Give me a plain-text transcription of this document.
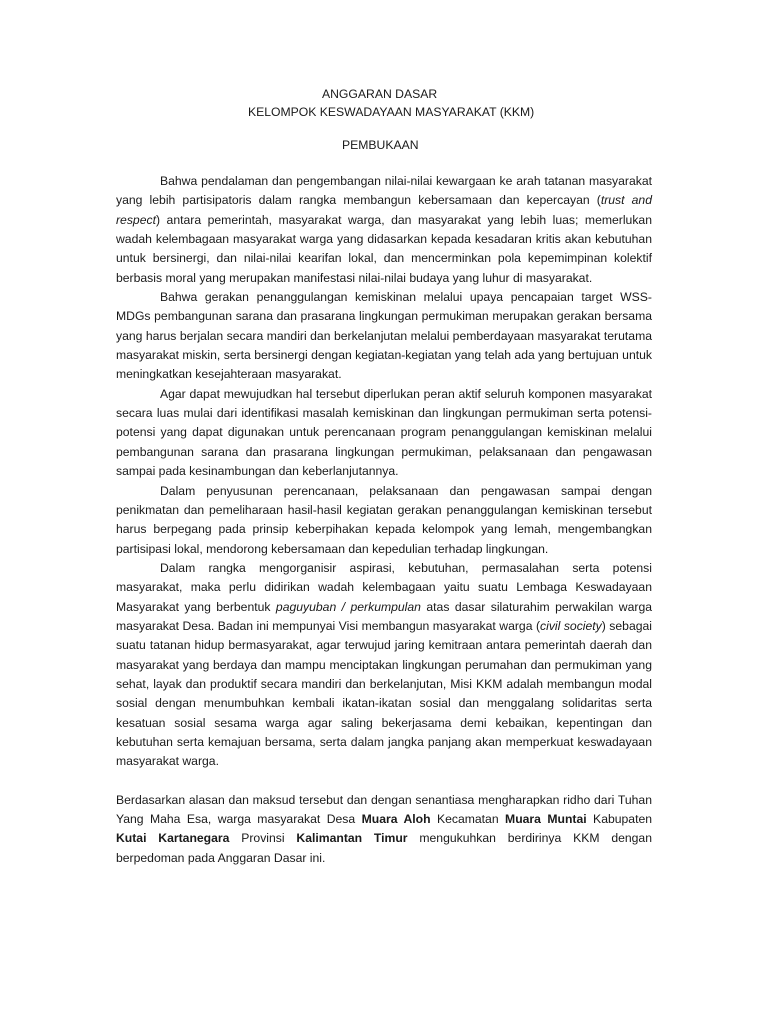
ANGGARAN DASAR
KELOMPOK KESWADAYAAN MASYARAKAT (KKM)
PEMBUKAAN

Bahwa pendalaman dan pengembangan nilai-nilai kewargaan ke arah tatanan masyarakat yang lebih partisipatoris dalam rangka membangun kebersamaan dan kepercayan (trust and respect) antara pemerintah, masyarakat warga, dan masyarakat yang lebih luas; memerlukan wadah kelembagaan masyarakat warga yang didasarkan kepada kesadaran kritis akan kebutuhan untuk bersinergi, dan nilai-nilai kearifan lokal, dan mencerminkan pola kepemimpinan kolektif berbasis moral yang merupakan manifestasi nilai-nilai budaya yang luhur di masyarakat.

Bahwa gerakan penanggulangan kemiskinan melalui upaya pencapaian target WSS-MDGs pembangunan sarana dan prasarana lingkungan permukiman merupakan gerakan bersama yang harus berjalan secara mandiri dan berkelanjutan melalui pemberdayaan masyarakat terutama masyarakat miskin, serta bersinergi dengan kegiatan-kegiatan yang telah ada yang bertujuan untuk meningkatkan kesejahteraan masyarakat.

Agar dapat mewujudkan hal tersebut diperlukan peran aktif seluruh komponen masyarakat secara luas mulai dari identifikasi masalah kemiskinan dan lingkungan permukiman serta potensi-potensi yang dapat digunakan untuk perencanaan program penanggulangan kemiskinan melalui pembangunan sarana dan prasarana lingkungan permukiman, pelaksanaan dan pengawasan sampai pada kesinambungan dan keberlanjutannya.

Dalam penyusunan perencanaan, pelaksanaan dan pengawasan sampai dengan penikmatan dan pemeliharaan hasil-hasil kegiatan gerakan penanggulangan kemiskinan tersebut harus berpegang pada prinsip keberpihakan kepada kelompok yang lemah, mengembangkan partisipasi lokal, mendorong kebersamaan dan kepedulian terhadap lingkungan.

Dalam rangka mengorganisir aspirasi, kebutuhan, permasalahan serta potensi masyarakat, maka perlu didirikan wadah kelembagaan yaitu suatu Lembaga Keswadayaan Masyarakat yang berbentuk paguyuban / perkumpulan atas dasar silaturahim perwakilan warga masyarakat Desa. Badan ini mempunyai Visi membangun masyarakat warga (civil society) sebagai suatu tatanan hidup bermasyarakat, agar terwujud jaring kemitraan antara pemerintah daerah dan masyarakat yang berdaya dan mampu menciptakan lingkungan perumahan dan permukiman yang sehat, layak dan produktif secara mandiri dan berkelanjutan, Misi KKM adalah membangun modal sosial dengan menumbuhkan kembali ikatan-ikatan sosial dan menggalang solidaritas serta kesatuan sosial sesama warga agar saling bekerjasama demi kebaikan, kepentingan dan kebutuhan serta kemajuan bersama, serta dalam jangka panjang akan memperkuat keswadayaan masyarakat warga.

Berdasarkan alasan dan maksud tersebut dan dengan senantiasa mengharapkan ridho dari Tuhan Yang Maha Esa, warga masyarakat Desa Muara Aloh Kecamatan Muara Muntai Kabupaten Kutai Kartanegara Provinsi Kalimantan Timur mengukuhkan berdirinya KKM dengan berpedoman pada Anggaran Dasar ini.
